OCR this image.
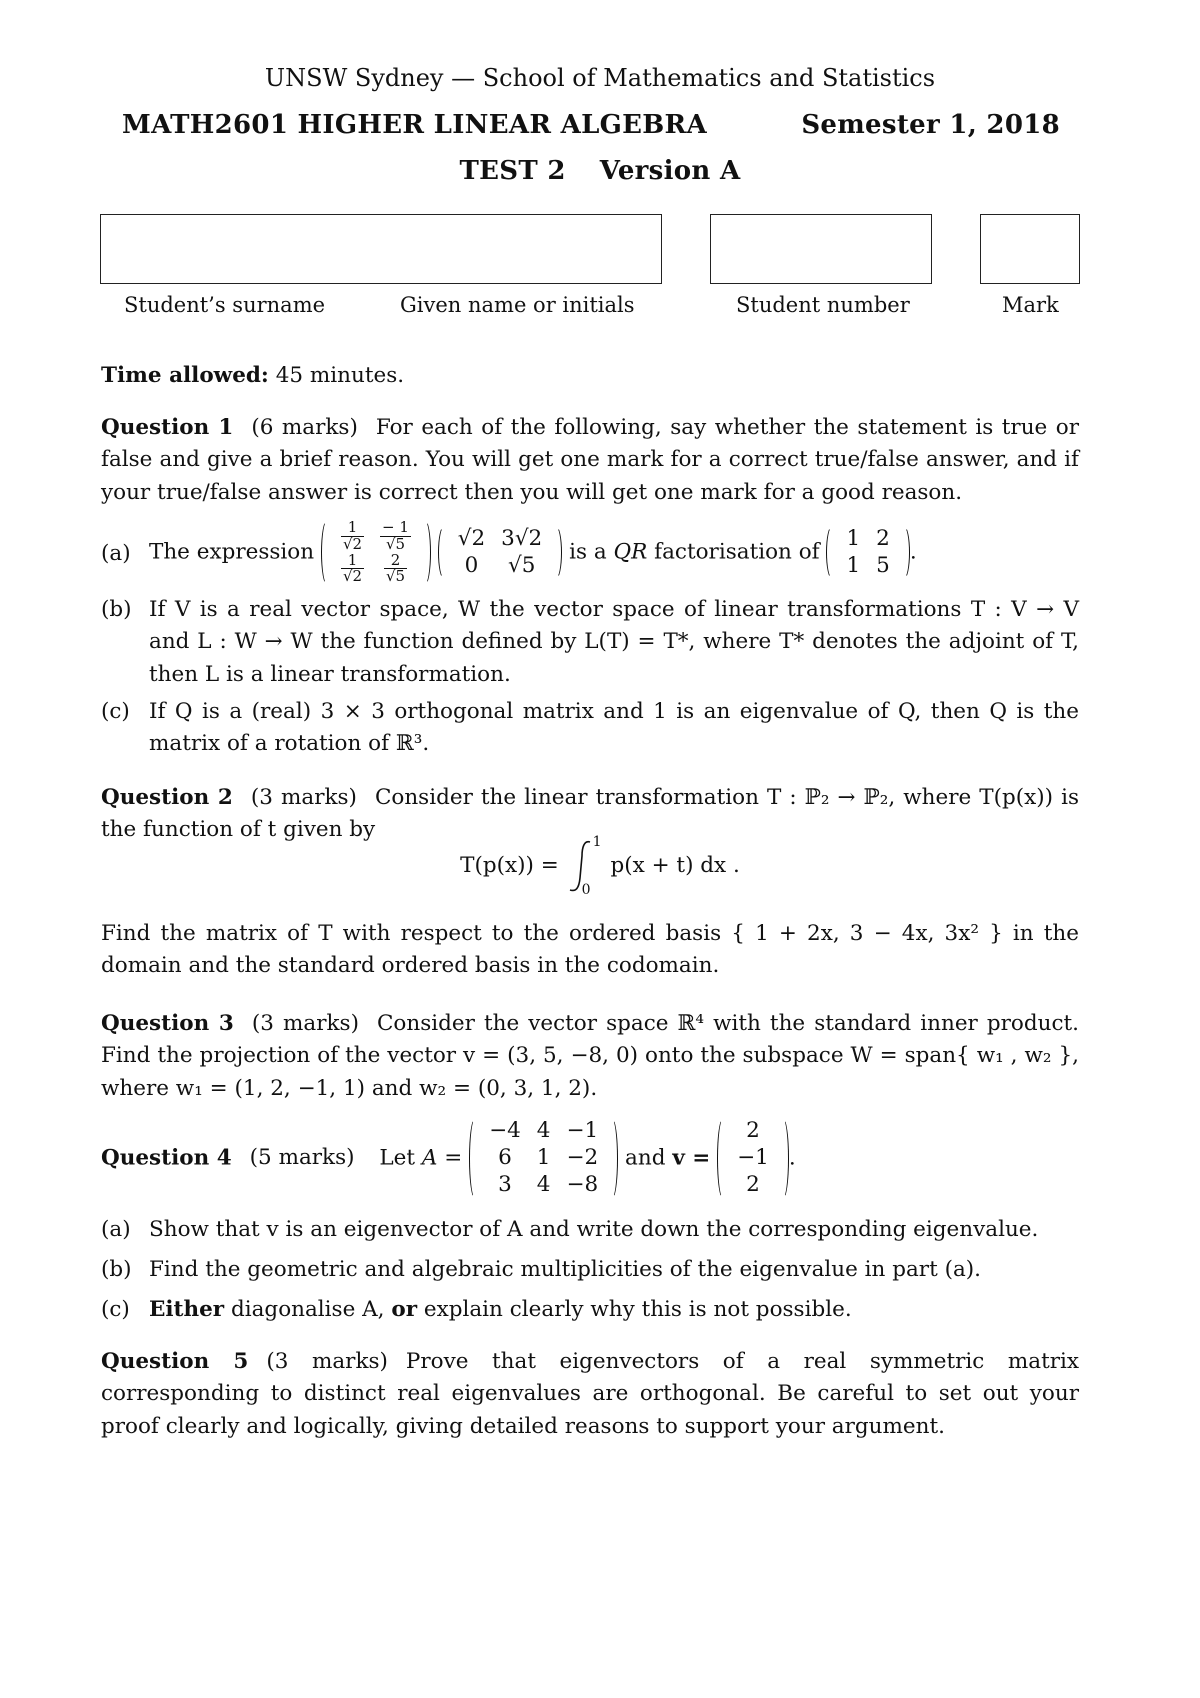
UNSW Sydney — School of Mathematics and Statistics
MATH2601 HIGHER LINEAR ALGEBRA	Semester 1, 2018
TEST 2 Version A
Student’s surname	Given name or initials	Student number	Mark
Time allowed: 45 minutes.

Question 1 (6 marks) For each of the following, say whether the statement is true or false and give a brief reason. You will get one mark for a correct true/false answer, and if your true/false answer is correct then you will get one mark for a good reason.

(a) The expression $\frac{1}{√2}$	$\frac{- 1}{√5}$

$\frac{1}{√2}$	$\frac{2}{√5}$

√2	3√2
0	√5
is a QR factorisation of
1	2
1	5
.
(b) If V is a real vector space, W the vector space of linear transformations T : V → V and L : W → W the function defined by L(T) = T*, where T* denotes the adjoint of T, then L is a linear transformation.
(c) If Q is a (real) 3 × 3 orthogonal matrix and 1 is an eigenvalue of Q, then Q is the matrix of a rotation of ℝ³.

Question 2 (3 marks) Consider the linear transformation T : ℙ₂ → ℙ₂, where T(p(x)) is the function of t given by

T(p(x)) =
1
0
p(x + t) dx .

Find the matrix of T with respect to the ordered basis { 1 + 2x, 3 − 4x, 3x² } in the domain and the standard ordered basis in the codomain.

Question 3 (3 marks) Consider the vector space ℝ⁴ with the standard inner product. Find the projection of the vector v = (3, 5, −8, 0) onto the subspace W = span{ w₁ , w₂ }, where w₁ = (1, 2, −1, 1) and w₂ = (0, 3, 1, 2).

Question 4 (5 marks) Let A =
−4	4	−1
6	1	−2
3	4	−8
and v =
2
−1
2
.
(a) Show that v is an eigenvector of A and write down the corresponding eigenvalue.
(b) Find the geometric and algebraic multiplicities of the eigenvalue in part (a).
(c) Either diagonalise A, or explain clearly why this is not possible.

Question 5 (3 marks) Prove that eigenvectors of a real symmetric matrix corresponding to distinct real eigenvalues are orthogonal. Be careful to set out your proof clearly and logically, giving detailed reasons to support your argument.
